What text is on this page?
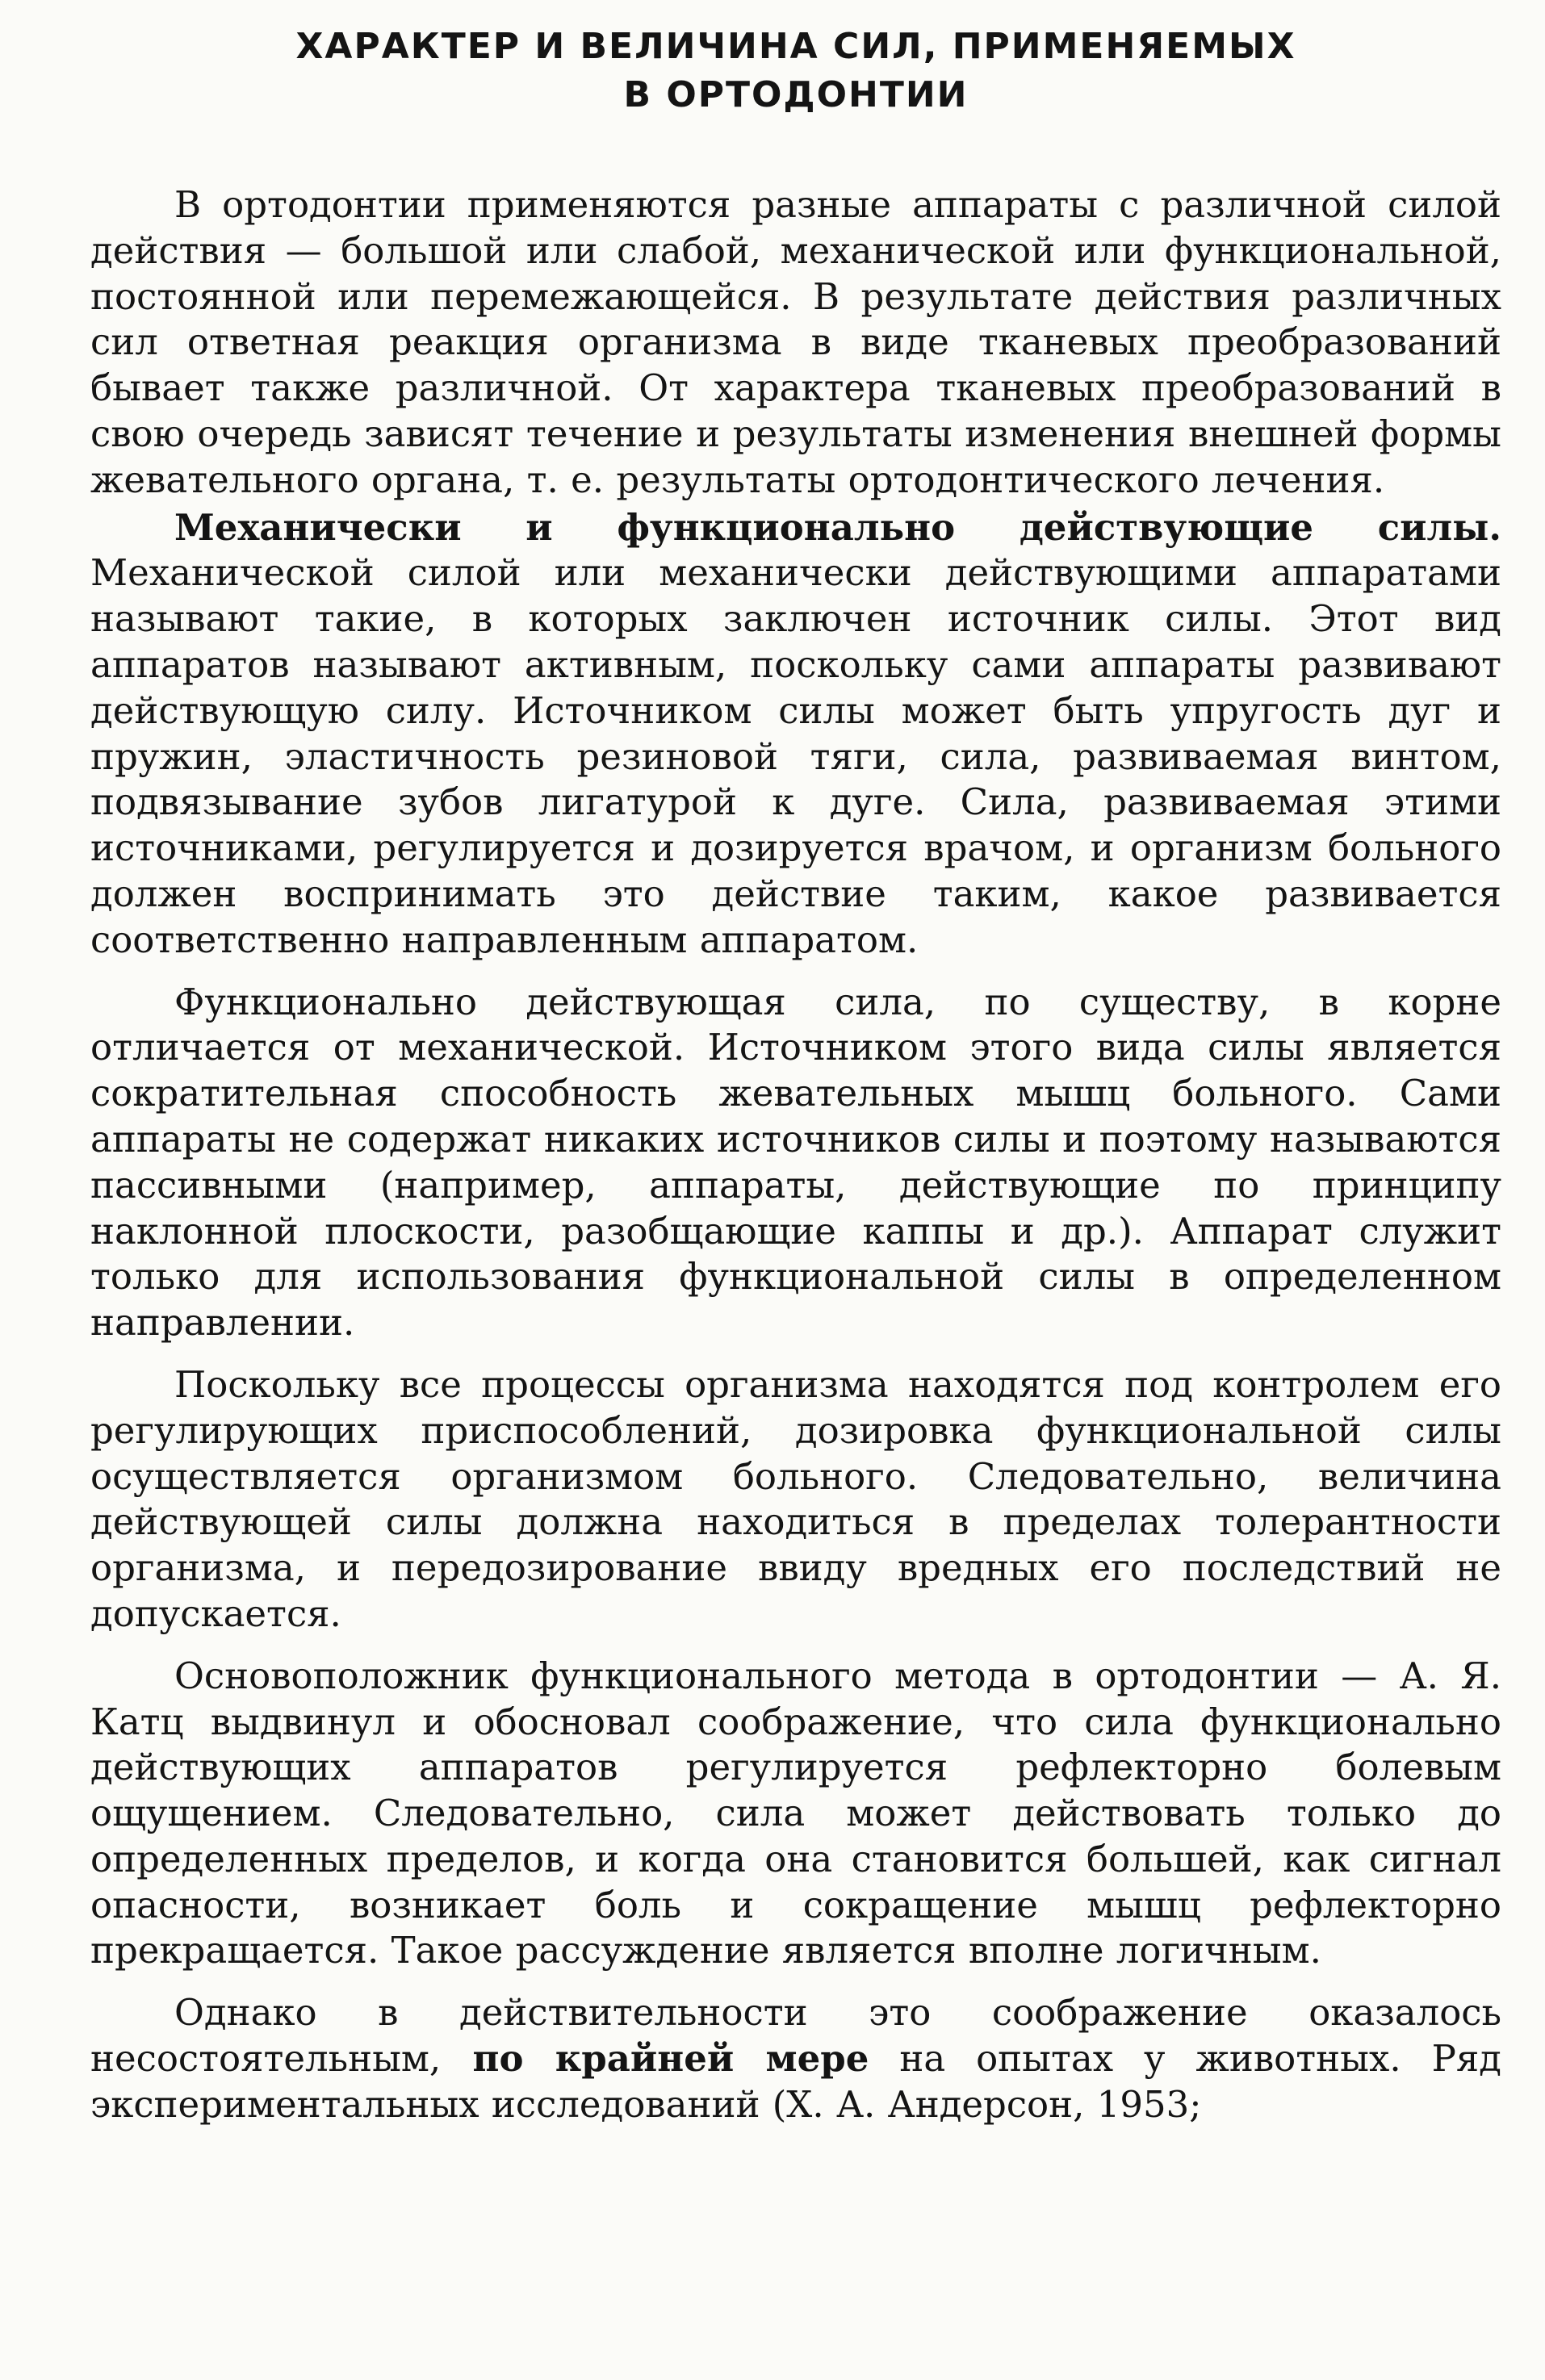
ХАРАКТЕР И ВЕЛИЧИНА СИЛ, ПРИМЕНЯЕМЫХ
В ОРТОДОНТИИ

В ортодонтии применяются разные аппараты с различной силой действия — большой или слабой, механической или функциональной, постоянной или перемежающейся. В результате действия различных сил ответная реакция организма в виде тканевых преобразований бывает также различной. От характера тканевых преобразований в свою очередь зависят течение и результаты изменения внешней формы жевательного органа, т. е. результаты ортодонтического лечения.

Механически и функционально действующие силы. Механической силой или механически действующими аппаратами называют такие, в которых заключен источник силы. Этот вид аппаратов называют активным, поскольку сами аппараты развивают действующую силу. Источником силы может быть упругость дуг и пружин, эластичность резиновой тяги, сила, развиваемая винтом, подвязывание зубов лигатурой к дуге. Сила, развиваемая этими источниками, регулируется и дозируется врачом, и организм больного должен воспринимать это действие таким, какое развивается соответственно направленным аппаратом.

Функционально действующая сила, по существу, в корне отличается от механической. Источником этого вида силы является сократительная способность жевательных мышц больного. Сами аппараты не содержат никаких источников силы и поэтому называются пассивными (например, аппараты, действующие по принципу наклонной плоскости, разобщающие каппы и др.). Аппарат служит только для использования функциональной силы в определенном направлении.

Поскольку все процессы организма находятся под контролем его регулирующих приспособлений, дозировка функциональной силы осуществляется организмом больного. Следовательно, величина действующей силы должна находиться в пределах толерантности организма, и передозирование ввиду вредных его последствий не допускается.

Основоположник функционального метода в ортодонтии — А. Я. Катц выдвинул и обосновал соображение, что сила функционально действующих аппаратов регулируется рефлекторно болевым ощущением. Следовательно, сила может действовать только до определенных пределов, и когда она становится большей, как сигнал опасности, возникает боль и сокращение мышц рефлекторно прекращается. Такое рассуждение является вполне логичным.

Однако в действительности это соображение оказалось несостоятельным, по крайней мере на опытах у животных. Ряд экспериментальных исследований (Х. А. Андерсон, 1953;
